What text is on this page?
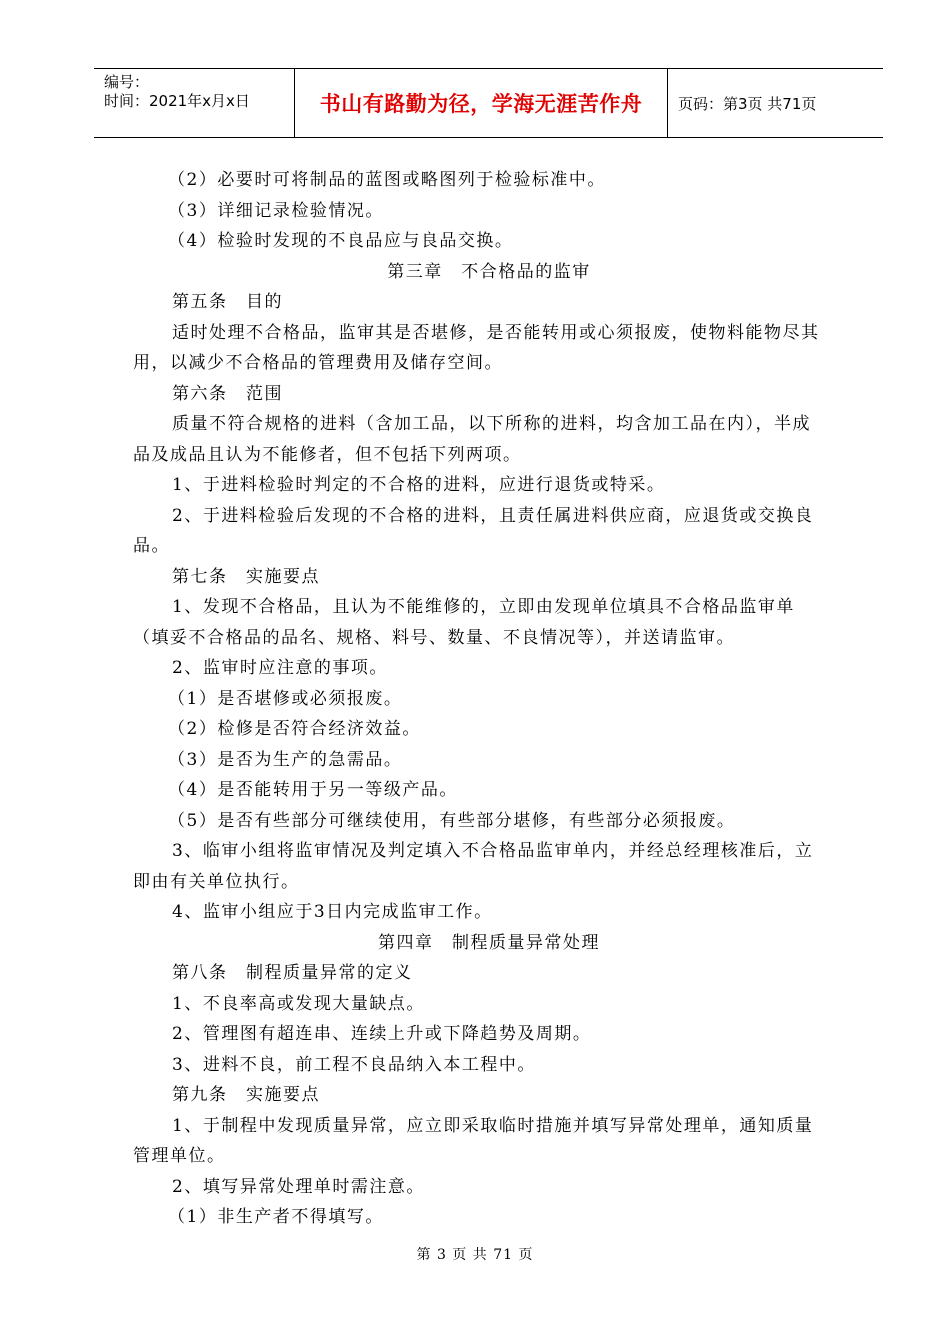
编号：
时间：2021年x月x日	书山有路勤为径，学海无涯苦作舟	页码：第3页 共71页
（2）必要时可将制品的蓝图或略图列于检验标准中。
（3）详细记录检验情况。
（4）检验时发现的不良品应与良品交换。
第三章　不合格品的监审
第五条　目的
适时处理不合格品，监审其是否堪修，是否能转用或心须报废，使物料能物尽其
用，以减少不合格品的管理费用及储存空间。
第六条　范围
质量不符合规格的进料（含加工品，以下所称的进料，均含加工品在内），半成
品及成品且认为不能修者，但不包括下列两项。
1、于进料检验时判定的不合格的进料，应进行退货或特采。
2、于进料检验后发现的不合格的进料，且责任属进料供应商，应退货或交换良
品。
第七条　实施要点
1、发现不合格品，且认为不能维修的，立即由发现单位填具不合格品监审单
（填妥不合格品的品名、规格、料号、数量、不良情况等），并送请监审。
2、监审时应注意的事项。
（1）是否堪修或必须报废。
（2）检修是否符合经济效益。
（3）是否为生产的急需品。
（4）是否能转用于另一等级产品。
（5）是否有些部分可继续使用，有些部分堪修，有些部分必须报废。
3、临审小组将监审情况及判定填入不合格品监审单内，并经总经理核准后，立
即由有关单位执行。
4、监审小组应于3日内完成监审工作。
第四章　制程质量异常处理
第八条　制程质量异常的定义
1、不良率高或发现大量缺点。
2、管理图有超连串、连续上升或下降趋势及周期。
3、进料不良，前工程不良品纳入本工程中。
第九条　实施要点
1、于制程中发现质量异常，应立即采取临时措施并填写异常处理单，通知质量
管理单位。
2、填写异常处理单时需注意。
（1）非生产者不得填写。
第 3 页 共 71 页
